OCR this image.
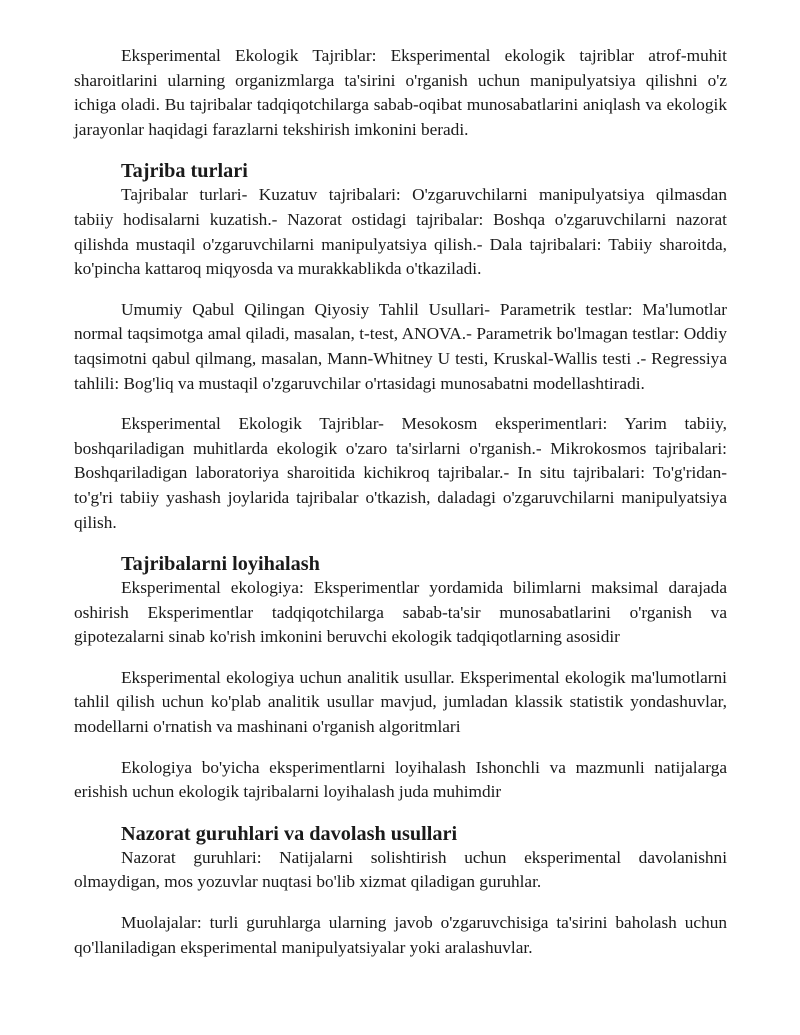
Eksperimental Ekologik Tajriblar: Eksperimental ekologik tajriblar atrof-muhit sharoitlarini ularning organizmlarga ta'sirini o'rganish uchun manipulyatsiya qilishni o'z ichiga oladi. Bu tajribalar tadqiqotchilarga sabab-oqibat munosabatlarini aniqlash va ekologik jarayonlar haqidagi farazlarni tekshirish imkonini beradi.

Tajriba turlari

Tajribalar turlari- Kuzatuv tajribalari: O'zgaruvchilarni manipulyatsiya qilmasdan tabiiy hodisalarni kuzatish.- Nazorat ostidagi tajribalar: Boshqa o'zgaruvchilarni nazorat qilishda mustaqil o'zgaruvchilarni manipulyatsiya qilish.- Dala tajribalari: Tabiiy sharoitda, ko'pincha kattaroq miqyosda va murakkablikda o'tkaziladi.

Umumiy Qabul Qilingan Qiyosiy Tahlil Usullari- Parametrik testlar: Ma'lumotlar normal taqsimotga amal qiladi, masalan, t-test, ANOVA.- Parametrik bo'lmagan testlar: Oddiy taqsimotni qabul qilmang, masalan, Mann-Whitney U testi, Kruskal-Wallis testi .- Regressiya tahlili: Bog'liq va mustaqil o'zgaruvchilar o'rtasidagi munosabatni modellashtiradi.

Eksperimental Ekologik Tajriblar- Mesokosm eksperimentlari: Yarim tabiiy, boshqariladigan muhitlarda ekologik o'zaro ta'sirlarni o'rganish.- Mikrokosmos tajribalari: Boshqariladigan laboratoriya sharoitida kichikroq tajribalar.- In situ tajribalari: To'g'ridan-to'g'ri tabiiy yashash joylarida tajribalar o'tkazish, daladagi o'zgaruvchilarni manipulyatsiya qilish.

Tajribalarni loyihalash

Eksperimental ekologiya: Eksperimentlar yordamida bilimlarni maksimal darajada oshirish Eksperimentlar tadqiqotchilarga sabab-ta'sir munosabatlarini o'rganish va gipotezalarni sinab ko'rish imkonini beruvchi ekologik tadqiqotlarning asosidir

Eksperimental ekologiya uchun analitik usullar. Eksperimental ekologik ma'lumotlarni tahlil qilish uchun ko'plab analitik usullar mavjud, jumladan klassik statistik yondashuvlar, modellarni o'rnatish va mashinani o'rganish algoritmlari

Ekologiya bo'yicha eksperimentlarni loyihalash Ishonchli va mazmunli natijalarga erishish uchun ekologik tajribalarni loyihalash juda muhimdir

Nazorat guruhlari va davolash usullari

Nazorat guruhlari: Natijalarni solishtirish uchun eksperimental davolanishni olmaydigan, mos yozuvlar nuqtasi bo'lib xizmat qiladigan guruhlar.

Muolajalar: turli guruhlarga ularning javob o'zgaruvchisiga ta'sirini baholash uchun qo'llaniladigan eksperimental manipulyatsiyalar yoki aralashuvlar.
